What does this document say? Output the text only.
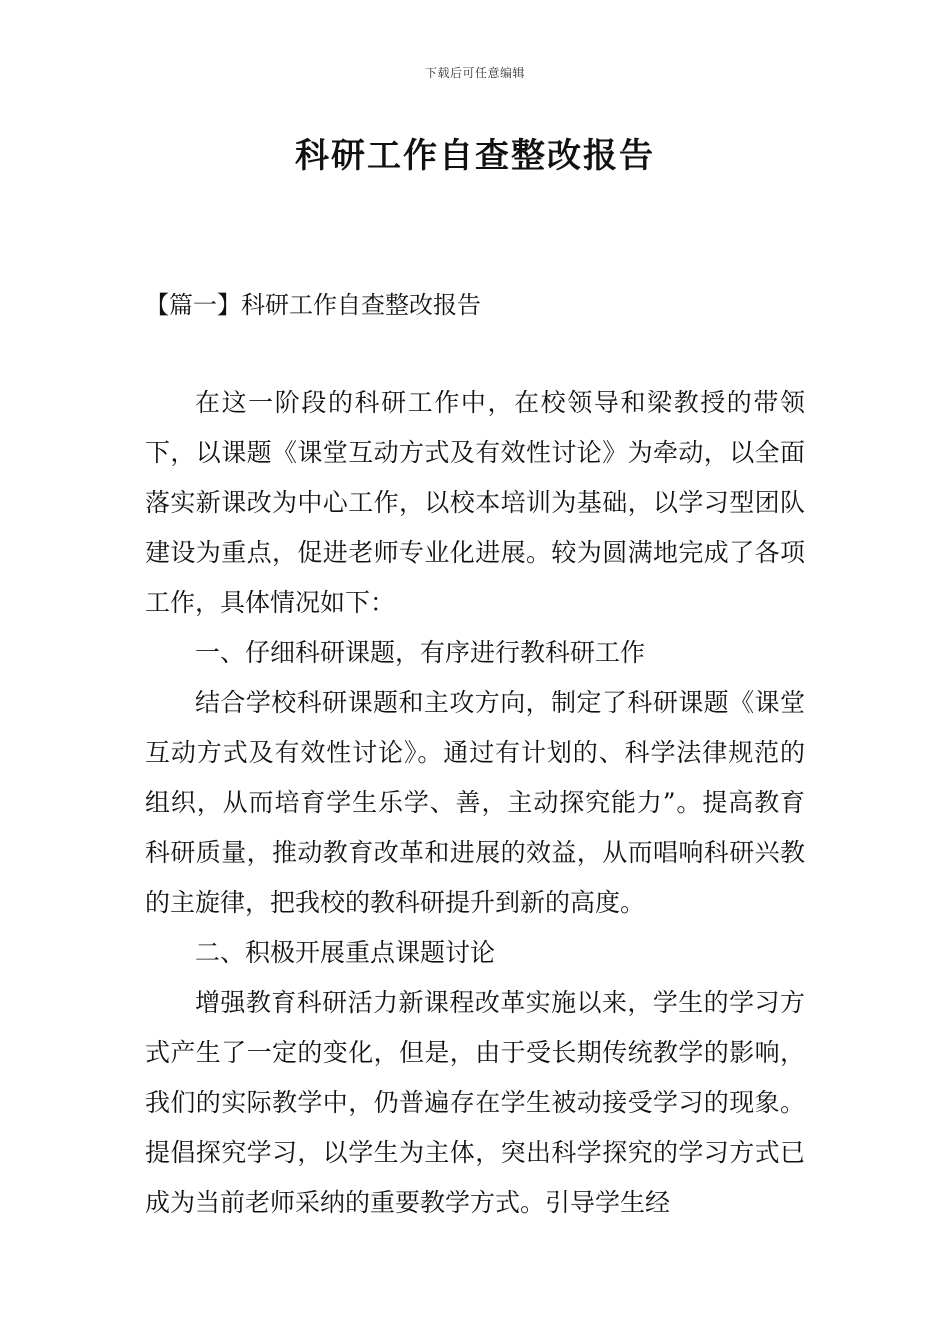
下载后可任意编辑
科研工作自查整改报告
【篇一】科研工作自查整改报告

在这一阶段的科研工作中，在校领导和梁教授的带领下，以课题《课堂互动方式及有效性讨论》为牵动，以全面落实新课改为中心工作，以校本培训为基础，以学习型团队建设为重点，促进老师专业化进展。较为圆满地完成了各项工作，具体情况如下：

一、仔细科研课题，有序进行教科研工作

结合学校科研课题和主攻方向，制定了科研课题《课堂互动方式及有效性讨论》。通过有计划的、科学法律规范的组织，从而培育学生乐学、善，主动探究能力”。提高教育科研质量，推动教育改革和进展的效益，从而唱响科研兴教的主旋律，把我校的教科研提升到新的高度。

二、积极开展重点课题讨论

增强教育科研活力新课程改革实施以来，学生的学习方式产生了一定的变化，但是，由于受长期传统教学的影响，我们的实际教学中，仍普遍存在学生被动接受学习的现象。提倡探究学习，以学生为主体，突出科学探究的学习方式已成为当前老师采纳的重要教学方式。引导学生经
